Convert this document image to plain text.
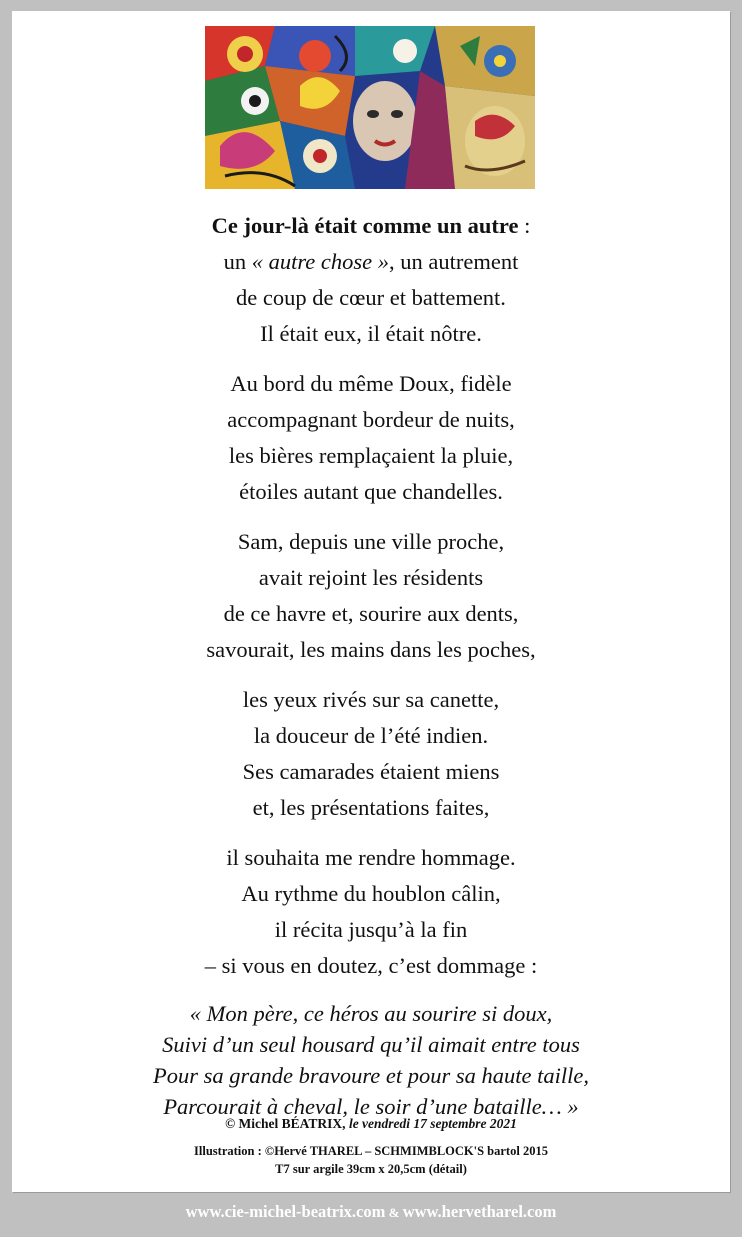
Ce jour-là était comme un autre :
un « autre chose », un autrement
de coup de cœur et battement.
Il était eux, il était nôtre.
Au bord du même Doux, fidèle
accompagnant bordeur de nuits,
les bières remplaçaient la pluie,
étoiles autant que chandelles.
Sam, depuis une ville proche,
avait rejoint les résidents
de ce havre et, sourire aux dents,
savourait, les mains dans les poches,
les yeux rivés sur sa canette,
la douceur de l’été indien.
Ses camarades étaient miens
et, les présentations faites,
il souhaita me rendre hommage.
Au rythme du houblon câlin,
il récita jusqu’à la fin
– si vous en doutez, c’est dommage :
« Mon père, ce héros au sourire si doux,
Suivi d’un seul housard qu’il aimait entre tous
Pour sa grande bravoure et pour sa haute taille,
Parcourait à cheval, le soir d’une bataille… »
© Michel BÉATRIX, le vendredi 17 septembre 2021
Illustration : ©Hervé THAREL – SCHMIMBLOCK'S bartol 2015
T7 sur argile 39cm x 20,5cm (détail)
www.cie-michel-beatrix.com & www.hervetharel.com
